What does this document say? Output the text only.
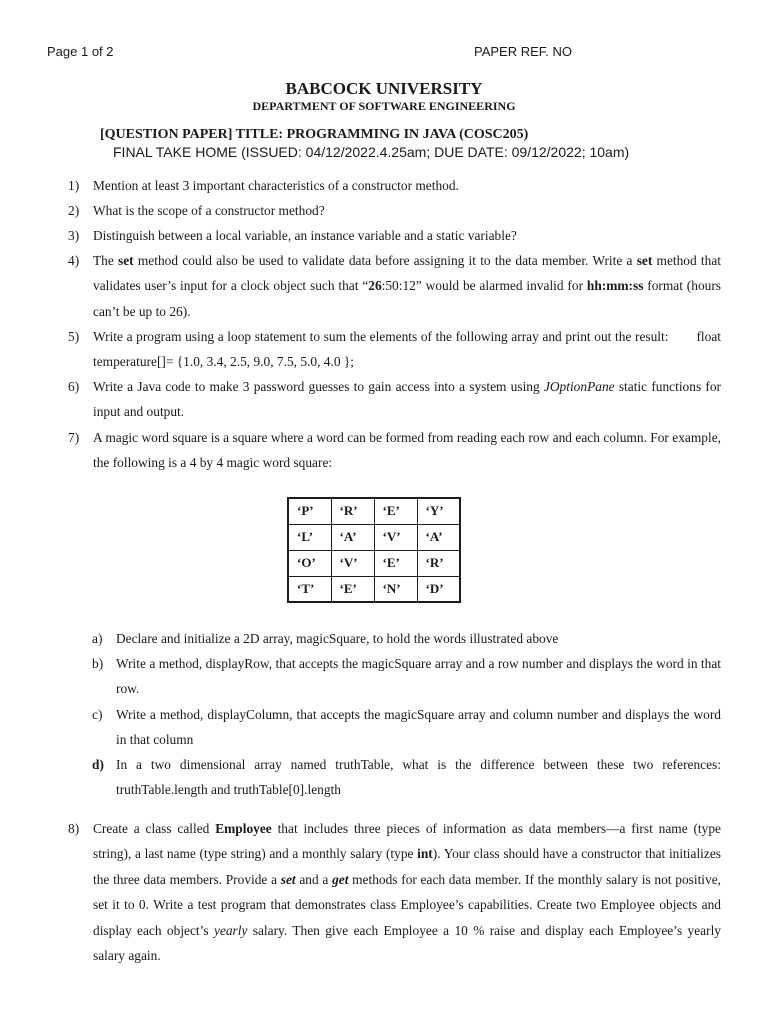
Page 1 of 2	PAPER REF. NO
BABCOCK UNIVERSITY
DEPARTMENT OF SOFTWARE ENGINEERING
[QUESTION PAPER] TITLE: PROGRAMMING IN JAVA (COSC205)
FINAL TAKE HOME (ISSUED: 04/12/2022.4.25am; DUE DATE: 09/12/2022; 10am)
1) Mention at least 3 important characteristics of a constructor method.
2) What is the scope of a constructor method?
3) Distinguish between a local variable, an instance variable and a static variable?
4) The set method could also be used to validate data before assigning it to the data member. Write a set method that validates user’s input for a clock object such that “26:50:12” would be alarmed invalid for hh:mm:ss format (hours can’t be up to 26).
5) Write a program using a loop statement to sum the elements of the following array and print out the result: float temperature[]= {1.0, 3.4, 2.5, 9.0, 7.5, 5.0, 4.0 };
6) Write a Java code to make 3 password guesses to gain access into a system using JOptionPane static functions for input and output.
7) A magic word square is a square where a word can be formed from reading each row and each column. For example, the following is a 4 by 4 magic word square:
‘P’	‘R’	‘E’	‘Y’
‘L’	‘A’	‘V’	‘A’
‘O’	‘V’	‘E’	‘R’
‘T’	‘E’	‘N’	‘D’
a) Declare and initialize a 2D array, magicSquare, to hold the words illustrated above
b) Write a method, displayRow, that accepts the magicSquare array and a row number and displays the word in that row.
c) Write a method, displayColumn, that accepts the magicSquare array and column number and displays the word in that column
d) In a two dimensional array named truthTable, what is the difference between these two references: truthTable.length and truthTable[0].length
8) Create a class called Employee that includes three pieces of information as data members—a first name (type string), a last name (type string) and a monthly salary (type int). Your class should have a constructor that initializes the three data members. Provide a set and a get methods for each data member. If the monthly salary is not positive, set it to 0. Write a test program that demonstrates class Employee’s capabilities. Create two Employee objects and display each object’s yearly salary. Then give each Employee a 10 % raise and display each Employee’s yearly salary again.
